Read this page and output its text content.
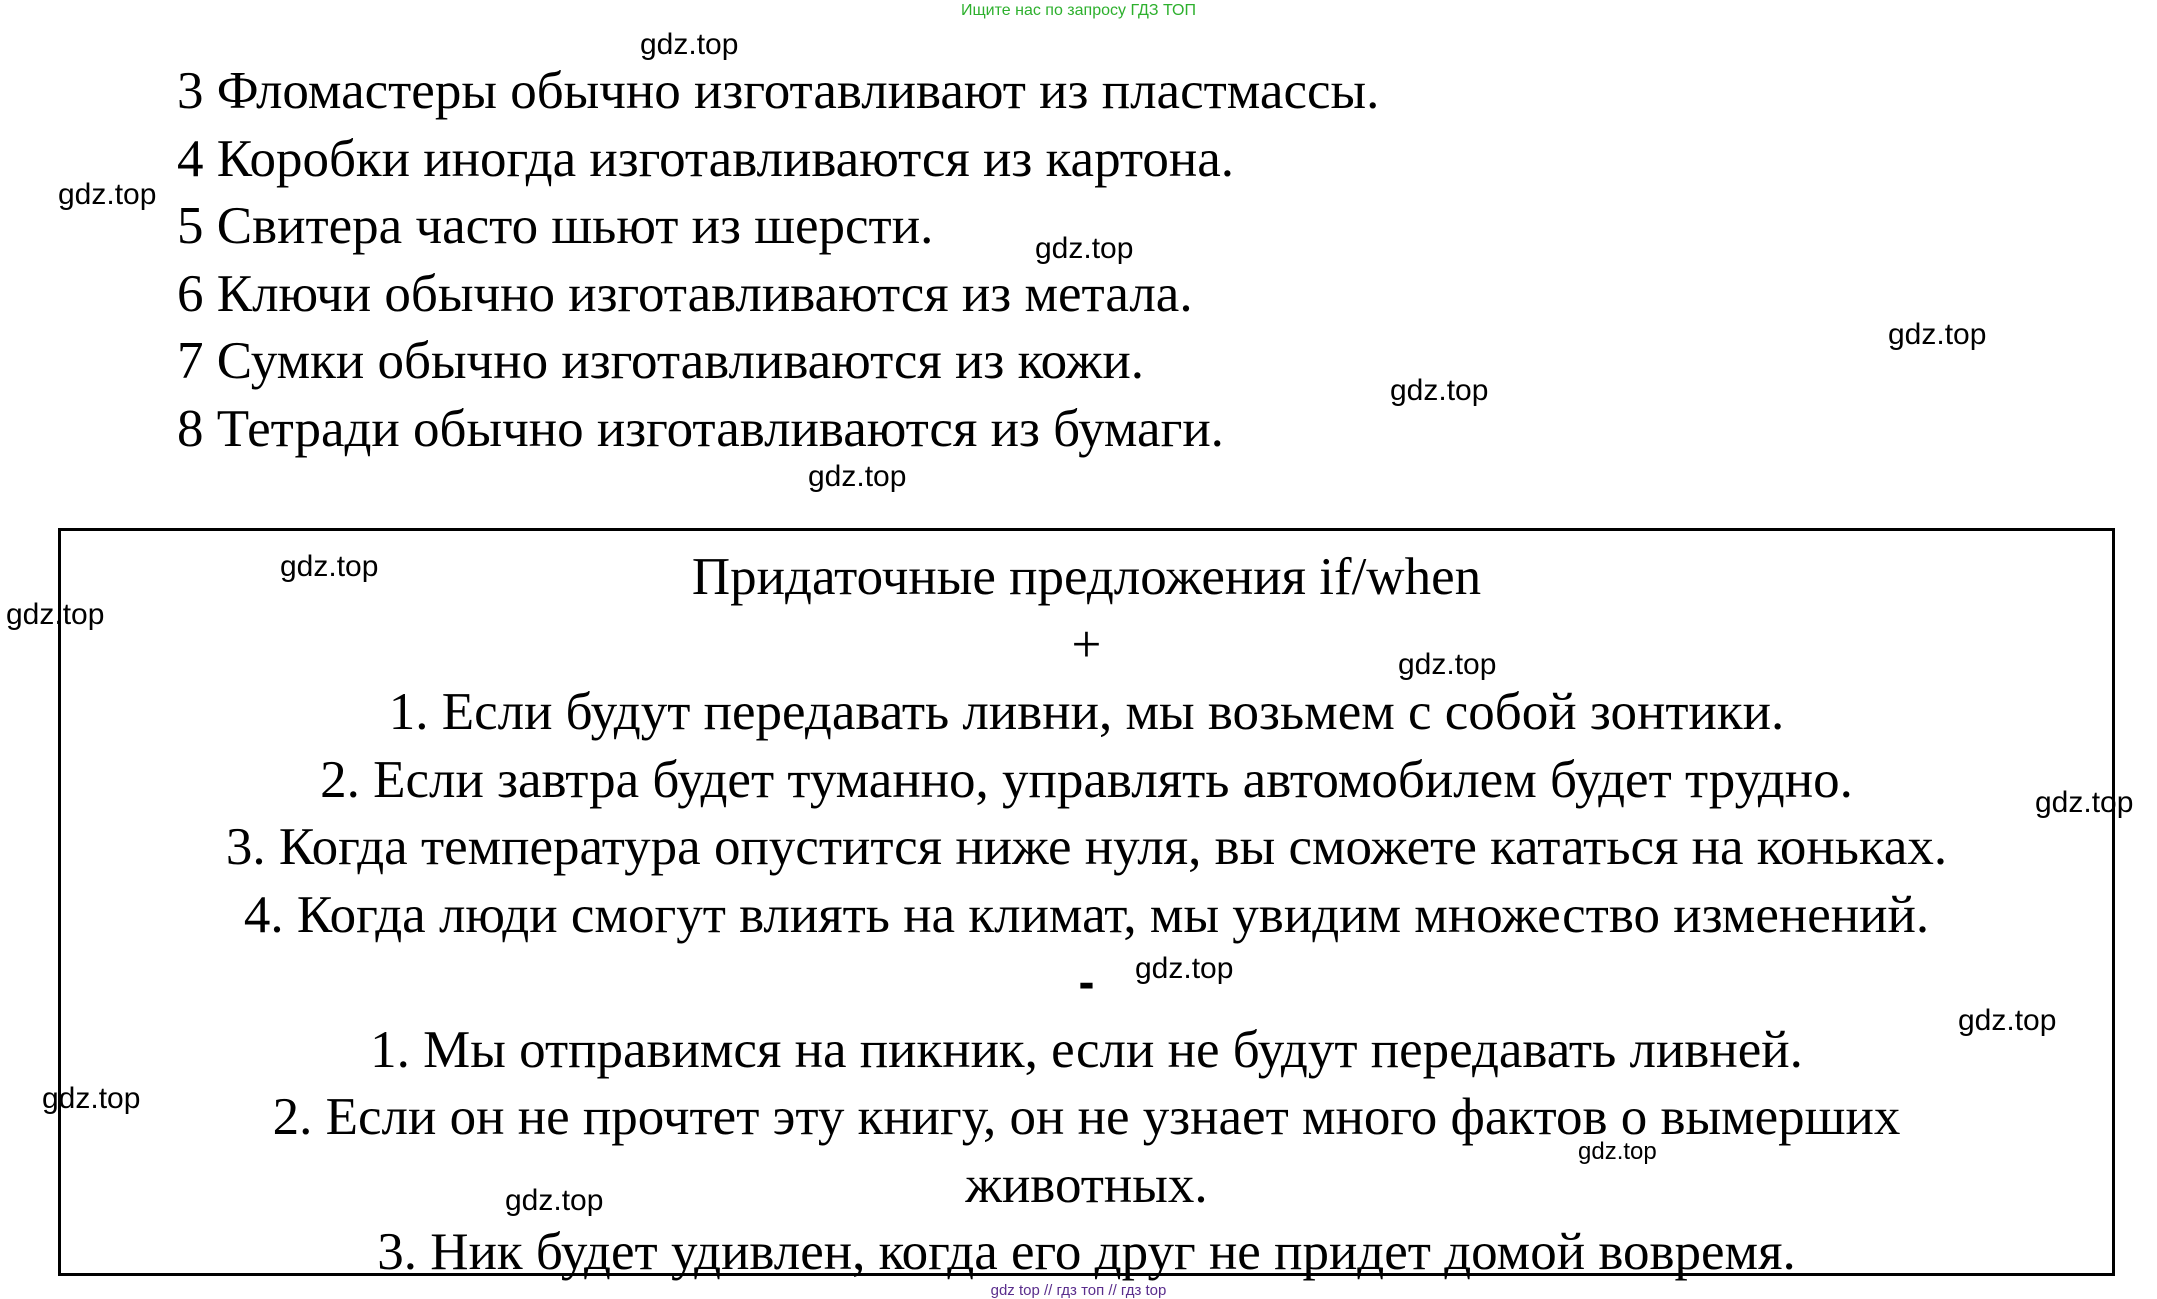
Ищите нас по запросу ГДЗ ТОП
3 Фломастеры обычно изготавливают из пластмассы.
4 Коробки иногда изготавливаются из картона.
5 Свитера часто шьют из шерсти.
6 Ключи обычно изготавливаются из метала.
7 Сумки обычно изготавливаются из кожи.
8 Тетради обычно изготавливаются из бумаги.
Придаточные предложения if/when
+
1. Если будут передавать ливни, мы возьмем с собой зонтики.
2. Если завтра будет туманно, управлять автомобилем будет трудно.
3. Когда температура опустится ниже нуля, вы сможете кататься на коньках.
4. Когда люди смогут влиять на климат, мы увидим множество изменений.
-
1. Мы отправимся на пикник, если не будут передавать ливней.
2. Если он не прочтет эту книгу, он не узнает много фактов о вымерших
животных.
3. Ник будет удивлен, когда его друг не придет домой вовремя.
gdz.top
gdz.top
gdz.top
gdz.top
gdz.top
gdz.top
gdz.top
gdz.top
gdz.top
gdz.top
gdz.top
gdz.top
gdz.top
gdz.top
gdz.top
gdz top // гдз топ // гдз top
